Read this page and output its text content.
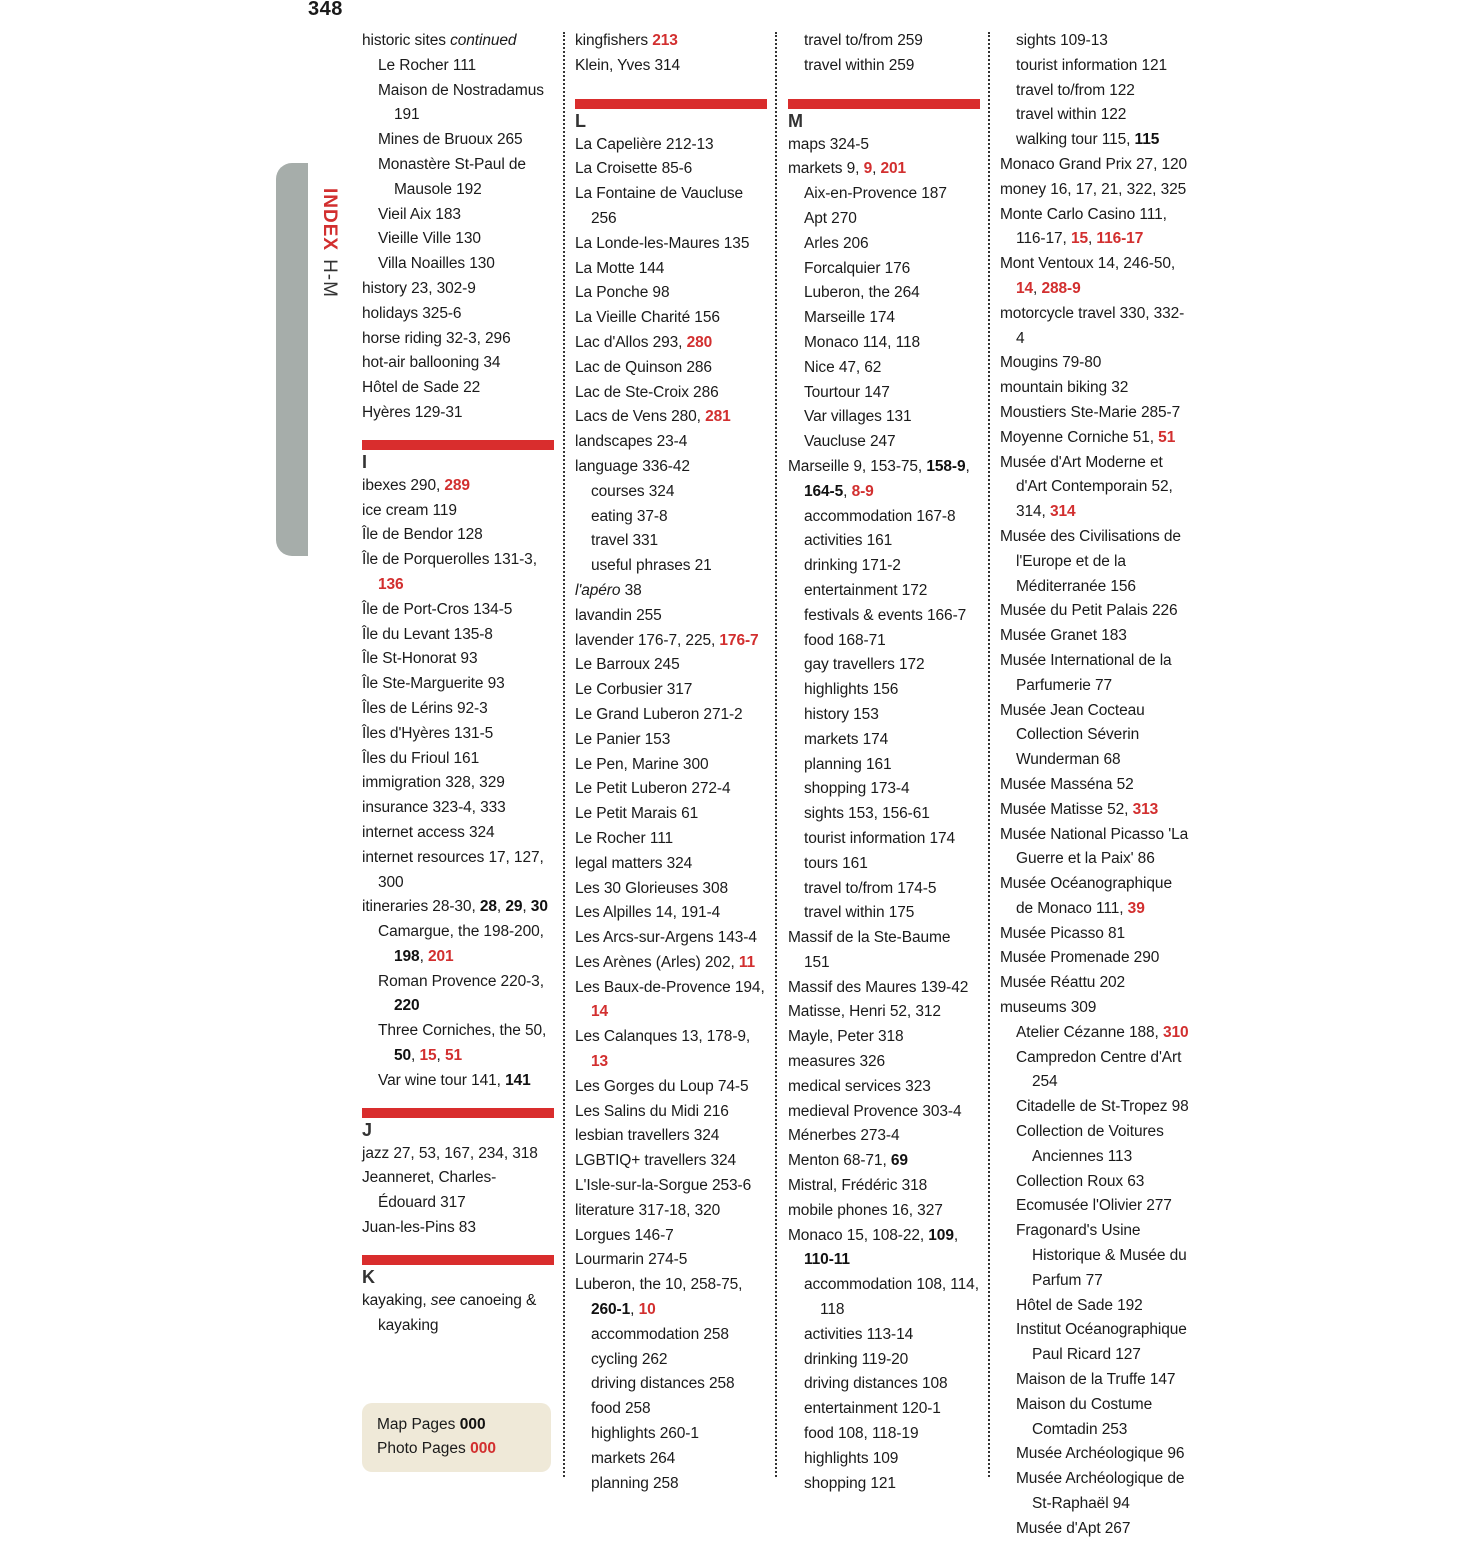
348
INDEXH-M
historic sites continued
Le Rocher 111
Maison de Nostradamus 191
Mines de Bruoux 265
Monastère St-Paul de Mausole 192
Vieil Aix 183
Vieille Ville 130
Villa Noailles 130
history 23, 302-9
holidays 325-6
horse riding 32-3, 296
hot-air ballooning 34
Hôtel de Sade 22
Hyères 129-31
I
ibexes 290, 289
ice cream 119
Île de Bendor 128
Île de Porquerolles 131-3, 136
Île de Port-Cros 134-5
Île du Levant 135-8
Île St-Honorat 93
Île Ste-Marguerite 93
Îles de Lérins 92-3
Îles d'Hyères 131-5
Îles du Frioul 161
immigration 328, 329
insurance 323-4, 333
internet access 324
internet resources 17, 127, 300
itineraries 28-30, 28, 29, 30
Camargue, the 198-200, 198, 201
Roman Provence 220-3, 220
Three Corniches, the 50, 50, 15, 51
Var wine tour 141, 141
J
jazz 27, 53, 167, 234, 318
Jeanneret, Charles-Édouard 317
Juan-les-Pins 83
K
kayaking, see canoeing & kayaking
kingfishers 213
Klein, Yves 314
L
La Capelière 212-13
La Croisette 85-6
La Fontaine de Vaucluse 256
La Londe-les-Maures 135
La Motte 144
La Ponche 98
La Vieille Charité 156
Lac d'Allos 293, 280
Lac de Quinson 286
Lac de Ste-Croix 286
Lacs de Vens 280, 281
landscapes 23-4
language 336-42
courses 324
eating 37-8
travel 331
useful phrases 21
l'apéro 38
lavandin 255
lavender 176-7, 225, 176-7
Le Barroux 245
Le Corbusier 317
Le Grand Luberon 271-2
Le Panier 153
Le Pen, Marine 300
Le Petit Luberon 272-4
Le Petit Marais 61
Le Rocher 111
legal matters 324
Les 30 Glorieuses 308
Les Alpilles 14, 191-4
Les Arcs-sur-Argens 143-4
Les Arènes (Arles) 202, 11
Les Baux-de-Provence 194, 14
Les Calanques 13, 178-9, 13
Les Gorges du Loup 74-5
Les Salins du Midi 216
lesbian travellers 324
LGBTIQ+ travellers 324
L'Isle-sur-la-Sorgue 253-6
literature 317-18, 320
Lorgues 146-7
Lourmarin 274-5
Luberon, the 10, 258-75, 260-1, 10
accommodation 258
cycling 262
driving distances 258
food 258
highlights 260-1
markets 264
planning 258
travel to/from 259
travel within 259
M
maps 324-5
markets 9, 9, 201
Aix-en-Provence 187
Apt 270
Arles 206
Forcalquier 176
Luberon, the 264
Marseille 174
Monaco 114, 118
Nice 47, 62
Tourtour 147
Var villages 131
Vaucluse 247
Marseille 9, 153-75, 158-9, 164-5, 8-9
accommodation 167-8
activities 161
drinking 171-2
entertainment 172
festivals & events 166-7
food 168-71
gay travellers 172
highlights 156
history 153
markets 174
planning 161
shopping 173-4
sights 153, 156-61
tourist information 174
tours 161
travel to/from 174-5
travel within 175
Massif de la Ste-Baume 151
Massif des Maures 139-42
Matisse, Henri 52, 312
Mayle, Peter 318
measures 326
medical services 323
medieval Provence 303-4
Ménerbes 273-4
Menton 68-71, 69
Mistral, Frédéric 318
mobile phones 16, 327
Monaco 15, 108-22, 109, 110-11
accommodation 108, 114, 118
activities 113-14
drinking 119-20
driving distances 108
entertainment 120-1
food 108, 118-19
highlights 109
shopping 121
sights 109-13
tourist information 121
travel to/from 122
travel within 122
walking tour 115, 115
Monaco Grand Prix 27, 120
money 16, 17, 21, 322, 325
Monte Carlo Casino 111, 116-17, 15, 116-17
Mont Ventoux 14, 246-50, 14, 288-9
motorcycle travel 330, 332-4
Mougins 79-80
mountain biking 32
Moustiers Ste-Marie 285-7
Moyenne Corniche 51, 51
Musée d'Art Moderne et d'Art Contemporain 52, 314, 314
Musée des Civilisations de l'Europe et de la Méditerranée 156
Musée du Petit Palais 226
Musée Granet 183
Musée International de la Parfumerie 77
Musée Jean Cocteau Collection Séverin Wunderman 68
Musée Masséna 52
Musée Matisse 52, 313
Musée National Picasso 'La Guerre et la Paix' 86
Musée Océanographique de Monaco 111, 39
Musée Picasso 81
Musée Promenade 290
Musée Réattu 202
museums 309
Atelier Cézanne 188, 310
Campredon Centre d'Art 254
Citadelle de St-Tropez 98
Collection de Voitures Anciennes 113
Collection Roux 63
Ecomusée l'Olivier 277
Fragonard's Usine Historique & Musée du Parfum 77
Hôtel de Sade 192
Institut Océanographique Paul Ricard 127
Maison de la Truffe 147
Maison du Costume Comtadin 253
Musée Archéologique 96
Musée Archéologique de St-Raphaël 94
Musée d'Apt 267
Map Pages 000
Photo Pages 000
